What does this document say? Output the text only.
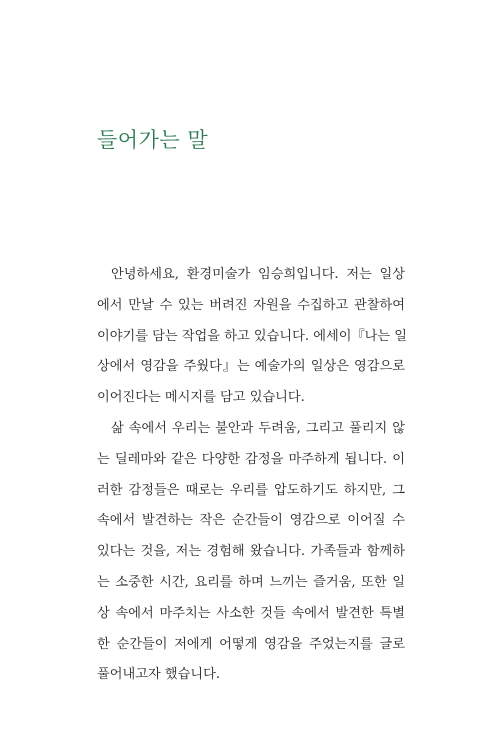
들어가는 말
안녕하세요, 환경미술가 임승희입니다. 저는 일상
에서 만날 수 있는 버려진 자원을 수집하고 관찰하여
이야기를 담는 작업을 하고 있습니다. 에세이『나는 일
상에서 영감을 주웠다』는 예술가의 일상은 영감으로
이어진다는 메시지를 담고 있습니다.
삶 속에서 우리는 불안과 두려움, 그리고 풀리지 않
는 딜레마와 같은 다양한 감정을 마주하게 됩니다. 이
러한 감정들은 때로는 우리를 압도하기도 하지만, 그
속에서 발견하는 작은 순간들이 영감으로 이어질 수
있다는 것을, 저는 경험해 왔습니다. 가족들과 함께하
는 소중한 시간, 요리를 하며 느끼는 즐거움, 또한 일
상 속에서 마주치는 사소한 것들 속에서 발견한 특별
한 순간들이 저에게 어떻게 영감을 주었는지를 글로
풀어내고자 했습니다.
